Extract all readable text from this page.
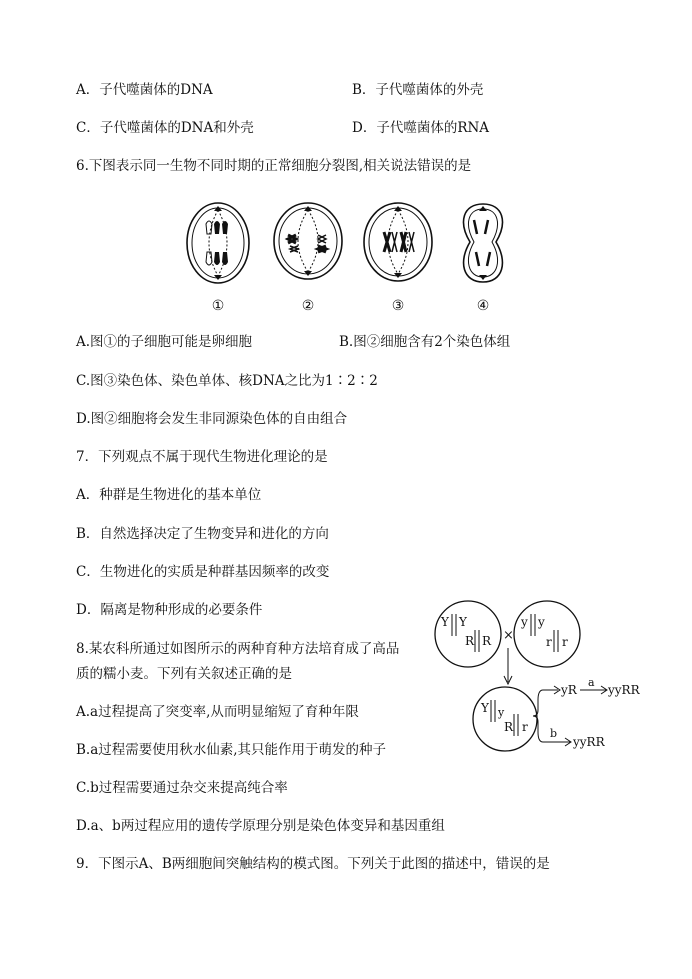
A．子代噬菌体的DNA	B．子代噬菌体的外壳
C．子代噬菌体的DNA和外壳	D．子代噬菌体的RNA
6.下图表示同一生物不同时期的正常细胞分裂图,相关说法错误的是
①	②	③	④
A.图①的子细胞可能是卵细胞	B.图②细胞含有2个染色体组
C.图③染色体、染色单体、核DNA之比为1∶2∶2
D.图②细胞将会发生非同源染色体的自由组合
7．下列观点不属于现代生物进化理论的是
A．种群是生物进化的基本单位
B．自然选择决定了生物变异和进化的方向
C．生物进化的实质是种群基因频率的改变
D．隔离是物种形成的必要条件
8.某农科所通过如图所示的两种育种方法培育成了高品
质的糯小麦。下列有关叙述正确的是
Y Y
R R ×
y y
r r
Y y
R r
yR
a
yyRR
b
yyRR
A.a过程提高了突变率,从而明显缩短了育种年限
B.a过程需要使用秋水仙素,其只能作用于萌发的种子
C.b过程需要通过杂交来提高纯合率
D.a、b两过程应用的遗传学原理分别是染色体变异和基因重组
9．下图示A、B两细胞间突触结构的模式图。下列关于此图的描述中，错误的是
